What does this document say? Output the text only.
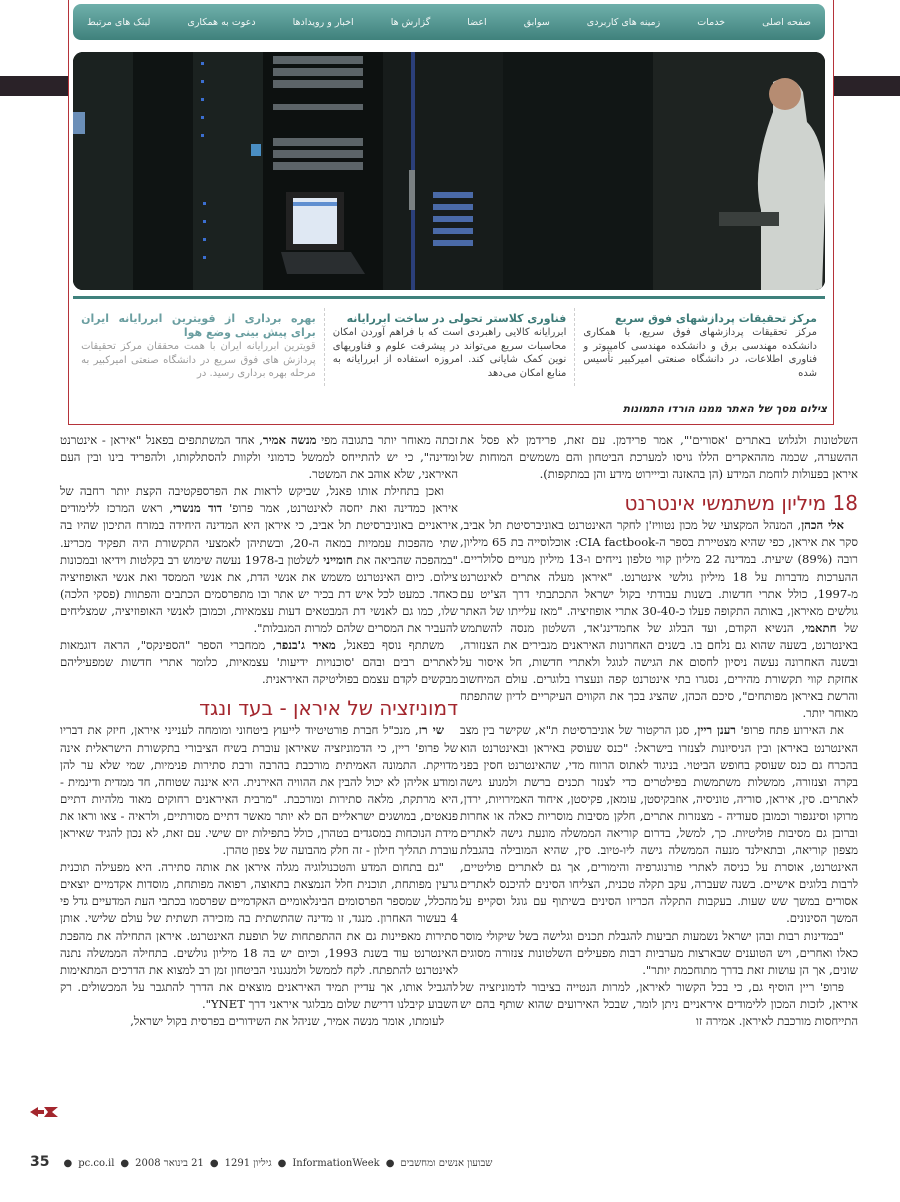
صفحه اصلی
خدمات
زمینه های کاربردی
سوابق
اعضا
گزارش ها
اخبار و رویدادها
دعوت به همکاری
لینک های مرتبط
مرکز تحقیقات پردازشهای فوق سریع
مرکز تحقیقات پردازشهای فوق سریع، با همکاری دانشکده مهندسی برق و دانشکده مهندسی کامپیوتر و فناوری اطلاعات، در دانشگاه صنعتی امیرکبیر تأسیس شده
فناوری کلاستر تحولی در ساخت ابررایانه
ابررایانه کالایی راهبردی است که با فراهم آوردن امکان محاسبات سریع می‌تواند در پیشرفت علوم و فناوریهای نوین کمک شایانی کند. امروزه استفاده از ابررایانه به منابع امکان می‌دهد
بهره برداری از قویترین ابررایانه ایران برای پیش بینی وضع هوا
قویترین ابررایانه ایران با همت محققان مرکز تحقیقات پردازش های فوق سریع در دانشگاه صنعتی امیرکبیر به مرحله بهره برداری رسید. در
צילום מסך של האתר ממנו הורדו התמונות

השלטונות ולגלוש באתרים 'אסורים'", אמר פרידמן. עם זאת, פרידמן לא פסל את ההשערה, שכמה מההאקרים הללו גויסו למערכת הביטחון והם משמשים המוחות של איראן בפעולות לוחמת המידע (הן בהאזנה ובייירוט מידע והן במתקפות).

18 מיליון משתמשי אינטרנט

אלי הכהן, המנהל המקצועי של מכון נטוויז'ן לחקר האינטרנט באוניברסיטת תל אביב, סקר את איראן, כפי שהיא מצטיירת בספר ה-CIA factbook: אוכלוסייה בת 65 מיליון, רובה (89%) שיעית. במדינה 22 מיליון קווי טלפון נייחים ו-13 מיליון מנויים סלולריים. ההערכות מדברות על 18 מיליון גולשי אינטרנט. "איראן מעלה אתרים לאינטרנט מ-1997, כולל אתרי חדשות. בשנות עבודתי בקול ישראל התכתבתי דרך הצ'יט עם גולשים מאיראן, באותה התקופה פעלו כ-30-40 אתרי אופוזיציה. "מאז עלייתו של האתר של חתאמי, הנשיא הקודם, ועד הבלוג של אחמדינג'אד, השלטון מנסה להשתמש באינטרנט, בשעה שהוא גם נלחם בו. בשנים האחרונות האיראנים מגבירים את הצנזורה, ובשנה האחרונה נעשה ניסיון לחסום את הגישה לגוגל ולאתרי חדשות, חל איסור על אחזקת קווי תקשורת מהירים, נסגרו בתי אינטרנט קפה ונעצרו בלוגרים. עולם המיחשוב והרשת באיראן מפותחים", סיכם הכהן, שהציג בכך את הקווים העיקריים לדיון שהתפתח מאוחר יותר.

את האירוע פתח פרופ' רענן ריין, סגן הרקטור של אוניברסיטת ת"א, שקישר בין מצב האינטרנט באיראן ובין הניסיונות לצנזרו בישראל: "כנס שעוסק באיראן ובאינטרנט הוא בהכרח גם כנס שעוסק בחופש הביטוי. בניגוד לאתוס הרווח מדי, שהאינטרנט חסין בפני בקרה וצנזורה, ממשלות משתמשות בפילטרים כדי לצנזר תכנים ברשת ולמנוע גישה לאתרים. סין, איראן, סוריה, טוניסיה, אוזבקיסטן, עומאן, פקיסטן, איחוד האמירויות, ירדן, מרוקו וסינגפור וכמובן סעודיה - מצנזרות אתרים, חלקן מסיבות מוסריות כאלה או אחרות וברובן גם מסיבות פוליטיות. כך, למשל, בדרום קוריאה הממשלה מונעת גישה לאתרים מצפון קוריאה, ובתאילנד מנעה הממשלה גישה ליו-טיוב. סין, שהיא המובילה בהגבלת האינטרנט, אוסרת על כניסה לאתרי פורנוגרפיה והימורים, אך גם לאתרים פוליטיים, לרבות בלוגים אישיים. בשנה שעברה, עקב תקלה טכנית, הצליחו הסינים להיכנס לאתרים אסורים במשך שש שעות. בעקבות התקלה הכריזו הסינים בשיתוף עם גוגל וסקייפ על המשך הסינונים.

"במדינות רבות ובהן ישראל נשמעות תביעות להגבלת תכנים וגלישה בשל שיקולי מוסר כאלו ואחרים, ויש הטוענים שבארצות מערביות רבות מפעילים השלטונות צנזורה מסוגים שונים, אך הן עושות זאת בדרך מתוחכמת יותר".

פרופ' ריין הוסיף גם, כי בכל הקשור לאיראן, למרות הנטייה בציבור לדמוניזציה של איראן, לזכות המכון ללימודים איראניים ניתן לומר, שבכל האירועים שהוא שותף בהם יש התייחסות מורכבת לאיראן. אמירה זו

זכתה מאוחר יותר בתגובה מפי מנשה אמיר, אחד המשתתפים בפאנל "איראן - אינטרנט ומדינה", כי יש להתייחס לממשל כדמוני ולקוות להסתלקותו, ולהפריד בינו ובין העם האיראני, שלא אוהב את המשטר.

ואכן בתחילת אותו פאנל, שביקש לראות את הפרספקטיבה הקצת יותר רחבה של איראן כמדינה ואת יחסה לאינטרנט, אמר פרופ' דוד מנשרי, ראש המרכז ללימודים איראניים באוניברסיטת תל אביב, כי איראן היא המדינה היחידה במזרח התיכון שהיו בה שתי מהפכות עממיות במאה ה-20, ובשתיהן לאמצעי התקשורת היה תפקיד מכריע. "במהפכה שהביאה את חומייני לשלטון ב-1978 נעשה שימוש רב בקלטות וידיאו ובמכונות צילום. כיום האינטרנט משמש את אנשי הדת, את אנשי הממסד ואת אנשי האופוזיציה כאחד. כמעט לכל איש דת בכיר יש אתר ובו מתפרסמים הכתבים והפתוות (פסקי הלכה) שלו, כמו גם לאנשי דת המבטאים דעות עצמאיות, וכמובן לאנשי האופוזיציה, שמצליחים להעביר את המסרים שלהם למרות המגבלות".

משתתף נוסף בפאנל, מאיר ג'בנפר, ממחברי הספר "הספינקס", הראה דוגמאות לאתרים רבים ובהם 'סוכנויות ידיעות' עצמאיות, כלומר אתרי חדשות שמפעיליהם מבקשים לקדם עצמם בפוליטיקה האיראנית.

דמוניזציה של איראן - בעד ונגד

שי רז, מנכ"ל חברת פורטיטיוד לייעוץ ביטחוני ומומחה לענייני איראן, חיזק את דבריו של פרופ' ריין, כי הדמוניזציה שאיראן עוברת בשיח הציבורי בתקשורת הישראלית אינה מדויקת. התמונה האמיתית מורכבת בהרבה ורבת סתירות פנימיות, שמי שלא ער להן ומודע אליהן לא יכול להבין את ההוויה האירנית. היא איננה שטוחה, חד ממדית ודינמית - היא מרתקת, מלאה סתירות ומורכבת. "מרבית האיראנים רחוקים מאוד מלהיות דתיים פנאטים, במושגים ישראליים הם לא יותר מאשר דתיים מסורתיים, ולראיה - צאו וראו את מידת הנוכחות במסגדים בטהרן, כולל בתפילות יום שישי. עם זאת, לא נכון להגיד שאיראן עוברת תהליך חילון - זה חלק מהבועה של צפון טהרן.

"גם בתחום המדע והטכנולוגיה מגלה איראן את אותה סתירה. היא מפעילה תוכנית גרעין מפותחת, תוכנית חלל הנמצאת בתאוצה, רפואה מפותחת, מוסדות אקדמיים יוצאים מהכלל, שמספר הפרסומים הבינלאומיים האקדמיים שפרסמו בכתבי העת המדעיים גדל פי 4 בעשור האחרון. מנגד, זו מדינה שהתשתית בה מזכירה תשתית של עולם שלישי. אותן סתירות מאפיינות גם את ההתפתחות של תופעת האינטרנט. איראן התחילה את מהפכת האינטרנט עוד בשנת 1993, וכיום יש בה 18 מיליון גולשים. בתחילה הממשלה נתנה לאינטרנט להתפתח. לקח לממשל ולמנגנוני הביטחון זמן רב למצוא את הדרכים המתאימות להגביל אותו, אך עדיין תמיד האיראנים מוצאים את הדרך להתגבר על המכשולים. רק השבוע קיבלנו דרישת שלום מבלוגר איראני דרך YNET".

לעומתו, אומר מנשה אמיר, שניהל את השידורים בפרסית בקול ישראל,

35 ● pc.co.il ● 21 בינואר 2008 ● גיליון 1291 ● InformationWeek ● שבועון אנשים ומחשבים
